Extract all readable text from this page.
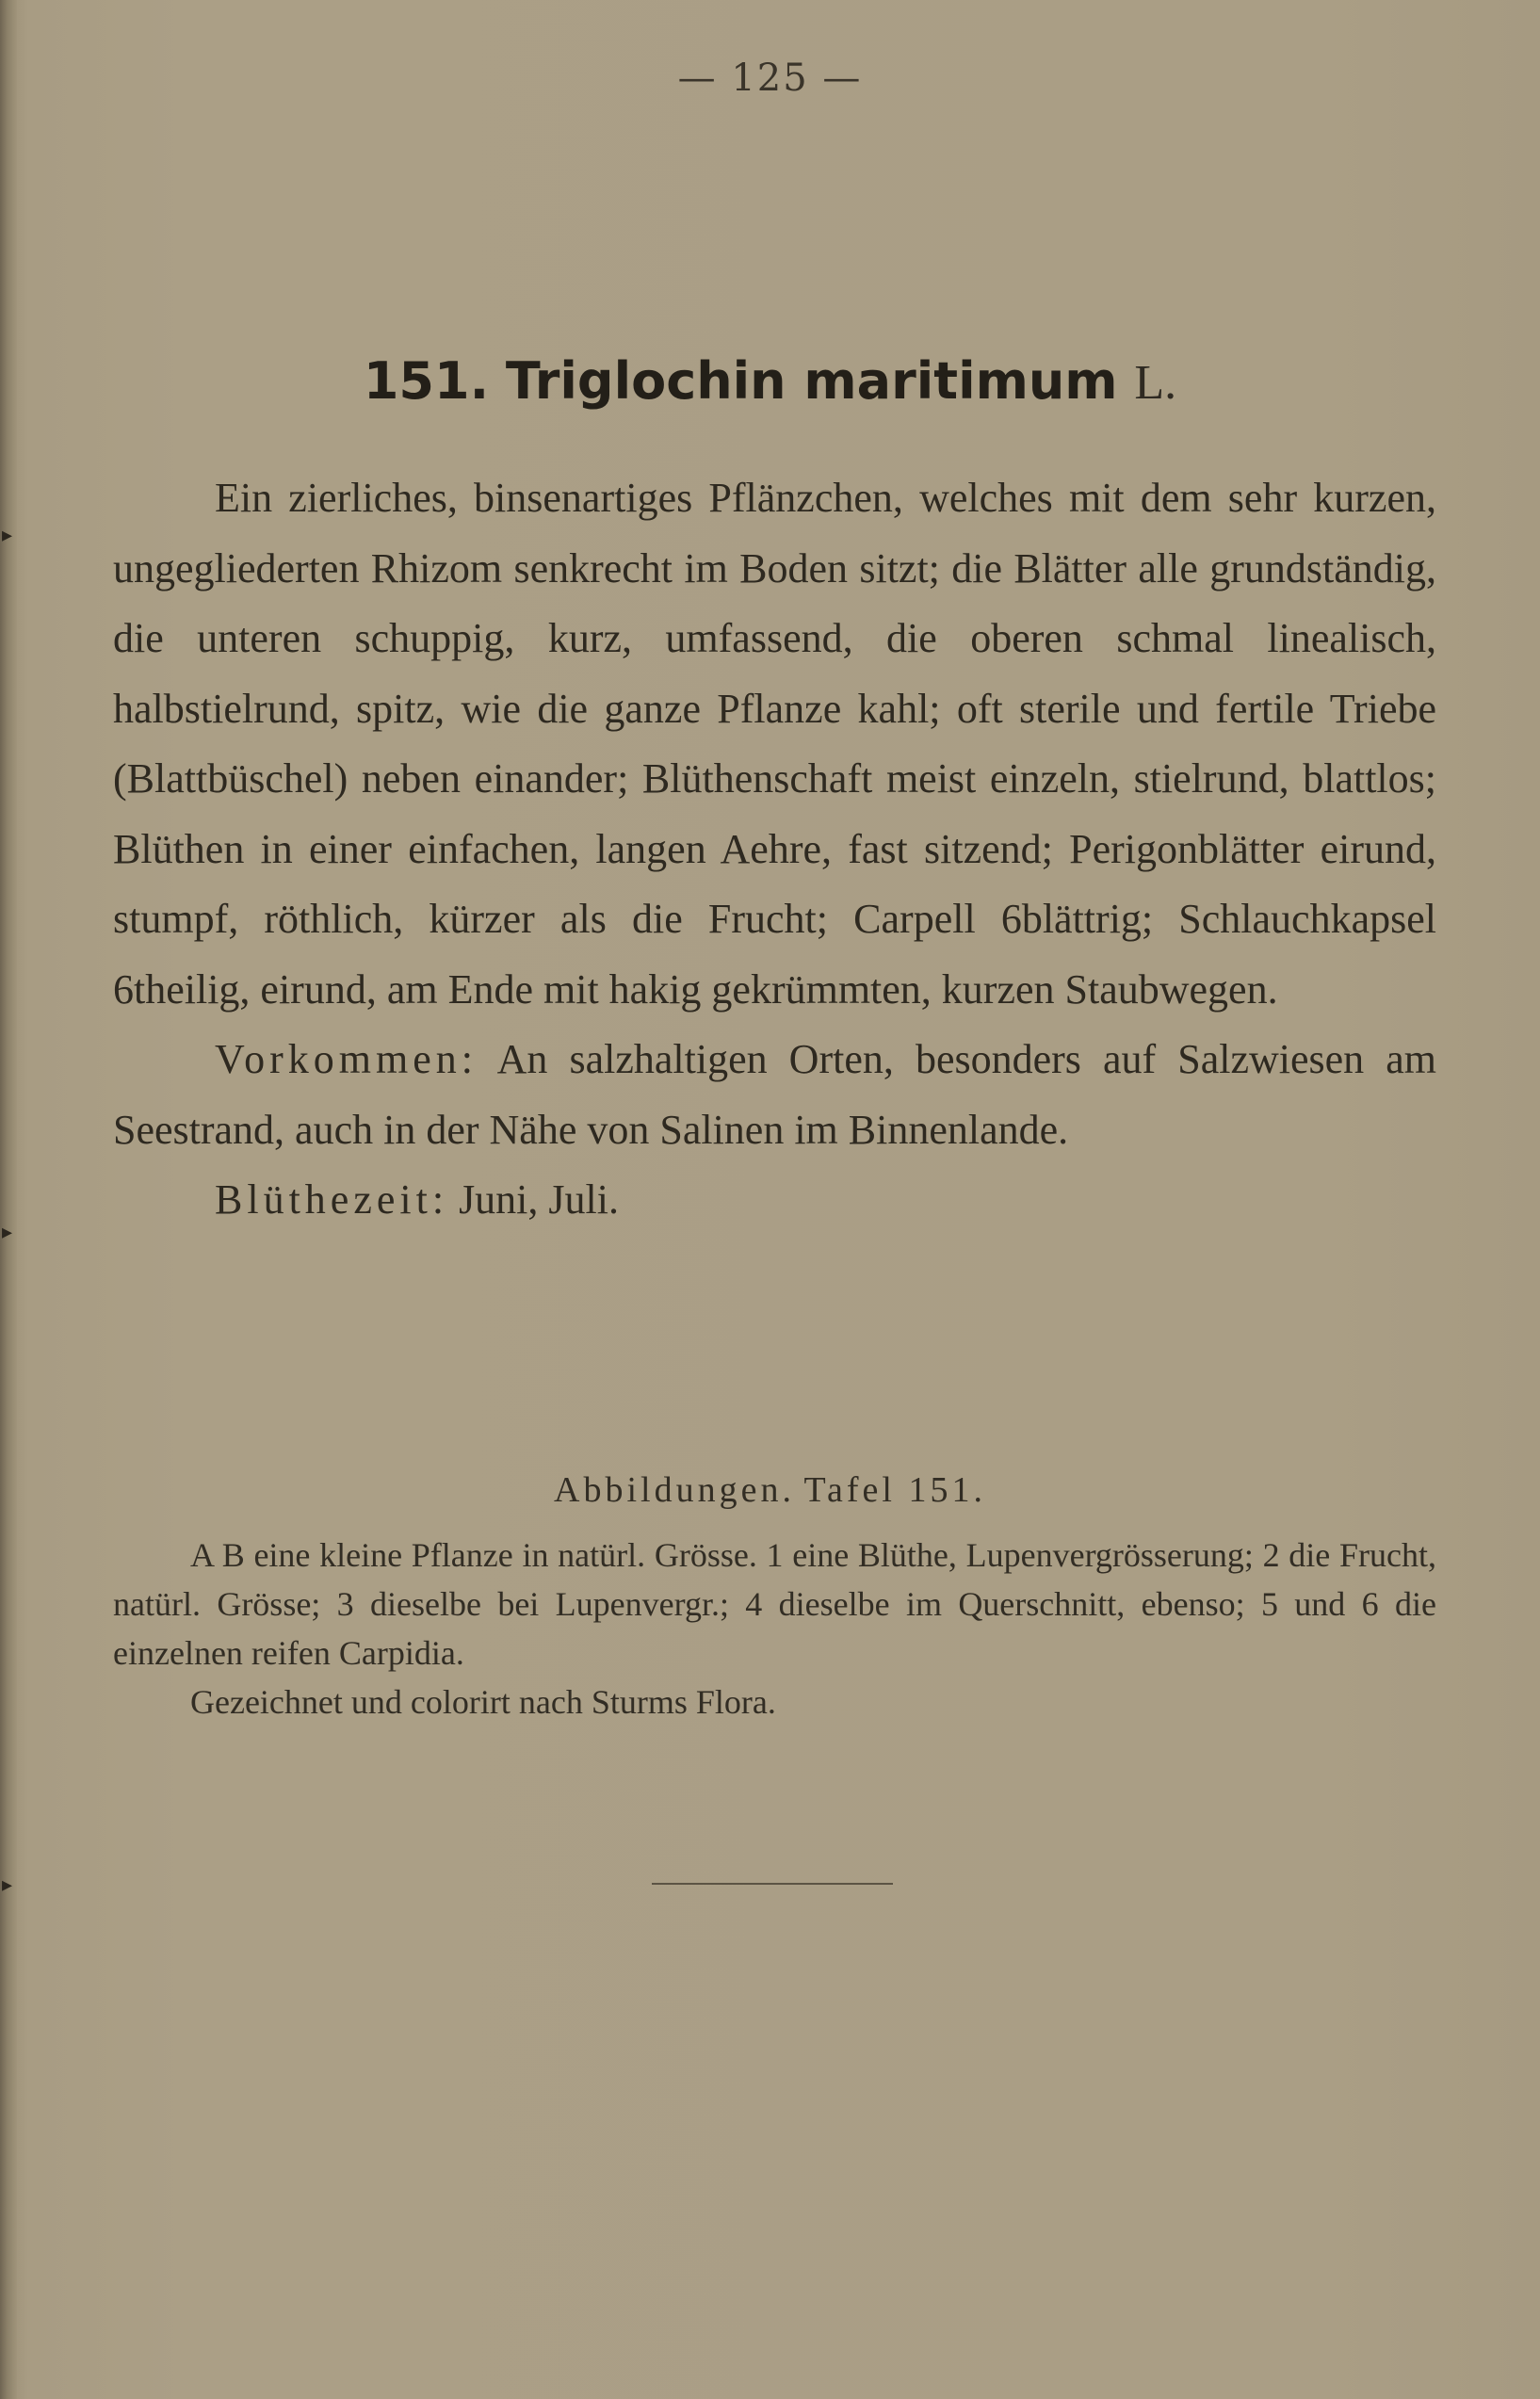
▸
▸
▸
— 125 —
151. Triglochin maritimum L.

Ein zierliches, binsenartiges Pflänzchen, welches mit dem sehr kurzen, ungegliederten Rhizom senkrecht im Boden sitzt; die Blätter alle grundständig, die unteren schuppig, kurz, umfassend, die oberen schmal linealisch, halbstielrund, spitz, wie die ganze Pflanze kahl; oft sterile und fertile Triebe (Blattbüschel) neben einander; Blüthenschaft meist einzeln, stielrund, blattlos; Blüthen in einer einfachen, langen Aehre, fast sitzend; Perigonblätter eirund, stumpf, röthlich, kürzer als die Frucht; Carpell 6blättrig; Schlauchkapsel 6theilig, eirund, am Ende mit hakig gekrümmten, kurzen Staubwegen.

Vorkommen: An salzhaltigen Orten, besonders auf Salzwiesen am Seestrand, auch in der Nähe von Salinen im Binnenlande.

Blüthezeit: Juni, Juli.

Abbildungen. Tafel 151.

A B eine kleine Pflanze in natürl. Grösse. 1 eine Blüthe, Lupenvergrösserung; 2 die Frucht, natürl. Grösse; 3 dieselbe bei Lupenvergr.; 4 dieselbe im Querschnitt, ebenso; 5 und 6 die einzelnen reifen Carpidia.

Gezeichnet und colorirt nach Sturms Flora.
